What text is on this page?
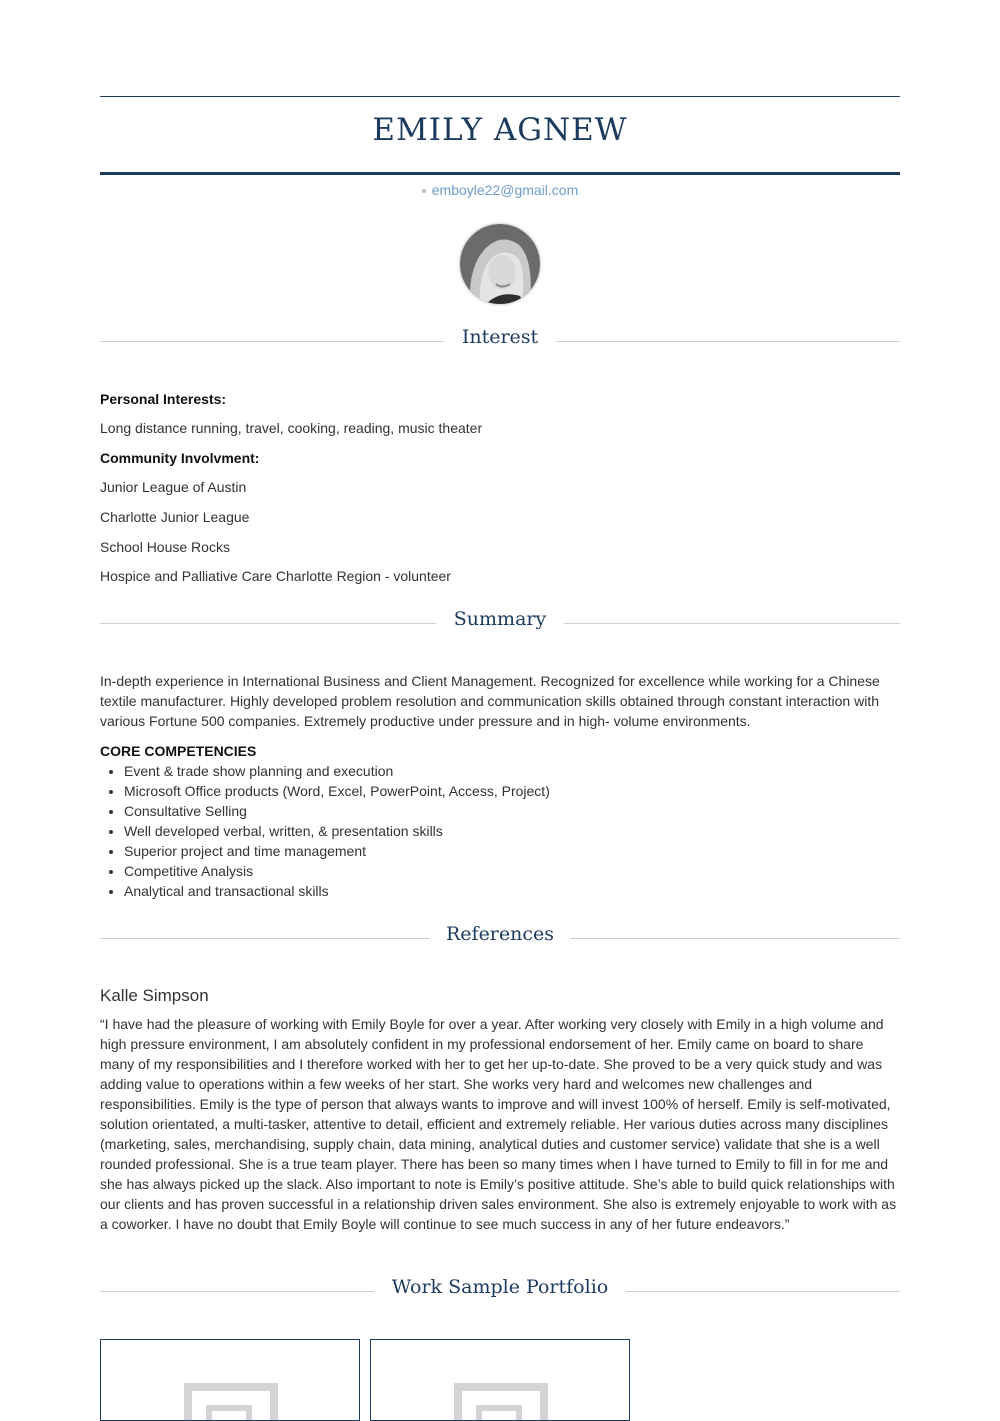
EMILY AGNEW
emboyle22@gmail.com
Interest
Personal Interests:
Long distance running, travel, cooking, reading, music theater
Community Involvment:
Junior League of Austin
Charlotte Junior League
School House Rocks
Hospice and Palliative Care Charlotte Region - volunteer
Summary

In-depth experience in International Business and Client Management. Recognized for excellence while working for a Chinese textile manufacturer. Highly developed problem resolution and communication skills obtained through constant interaction with various Fortune 500 companies. Extremely productive under pressure and in high- volume environments.

CORE COMPETENCIES
• Event & trade show planning and execution
• Microsoft Office products (Word, Excel, PowerPoint, Access, Project)
• Consultative Selling
• Well developed verbal, written, & presentation skills
• Superior project and time management
• Competitive Analysis
• Analytical and transactional skills
References
Kalle Simpson

“I have had the pleasure of working with Emily Boyle for over a year. After working very closely with Emily in a high volume and high pressure environment, I am absolutely confident in my professional endorsement of her. Emily came on board to share many of my responsibilities and I therefore worked with her to get her up-to-date. She proved to be a very quick study and was adding value to operations within a few weeks of her start. She works very hard and welcomes new challenges and responsibilities. Emily is the type of person that always wants to improve and will invest 100% of herself. Emily is self-motivated, solution orientated, a multi-tasker, attentive to detail, efficient and extremely reliable. Her various duties across many disciplines (marketing, sales, merchandising, supply chain, data mining, analytical duties and customer service) validate that she is a well rounded professional. She is a true team player. There has been so many times when I have turned to Emily to fill in for me and she has always picked up the slack. Also important to note is Emily’s positive attitude. She’s able to build quick relationships with our clients and has proven successful in a relationship driven sales environment. She also is extremely enjoyable to work with as a coworker. I have no doubt that Emily Boyle will continue to see much success in any of her future endeavors.”

Work Sample Portfolio
